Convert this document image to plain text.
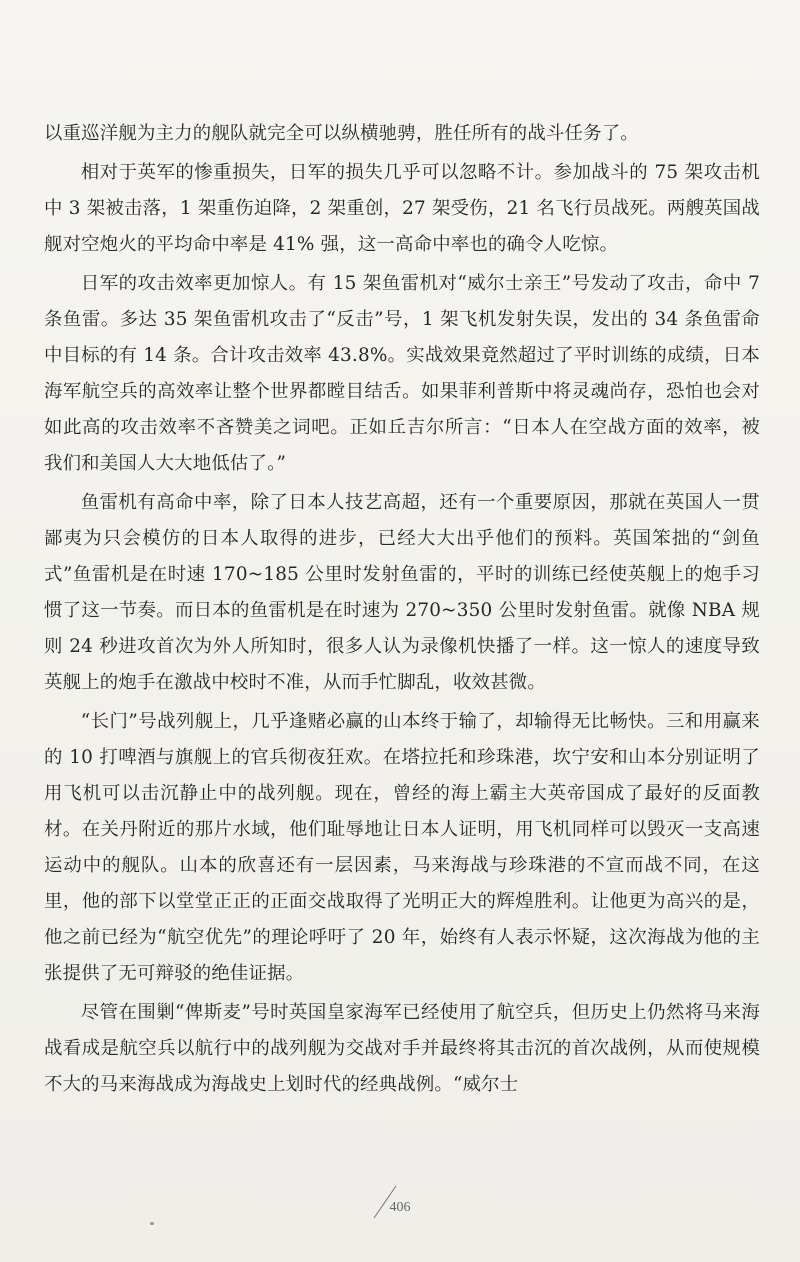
以重巡洋舰为主力的舰队就完全可以纵横驰骋，胜任所有的战斗任务了。

相对于英军的惨重损失，日军的损失几乎可以忽略不计。参加战斗的 75 架攻击机中 3 架被击落，1 架重伤迫降，2 架重创，27 架受伤，21 名飞行员战死。两艘英国战舰对空炮火的平均命中率是 41% 强，这一高命中率也的确令人吃惊。

日军的攻击效率更加惊人。有 15 架鱼雷机对“威尔士亲王”号发动了攻击，命中 7 条鱼雷。多达 35 架鱼雷机攻击了“反击”号，1 架飞机发射失误，发出的 34 条鱼雷命中目标的有 14 条。合计攻击效率 43.8%。实战效果竟然超过了平时训练的成绩，日本海军航空兵的高效率让整个世界都瞠目结舌。如果菲利普斯中将灵魂尚存，恐怕也会对如此高的攻击效率不吝赞美之词吧。正如丘吉尔所言：“日本人在空战方面的效率，被我们和美国人大大地低估了。”

鱼雷机有高命中率，除了日本人技艺高超，还有一个重要原因，那就在英国人一贯鄙夷为只会模仿的日本人取得的进步，已经大大出乎他们的预料。英国笨拙的“剑鱼式”鱼雷机是在时速 170~185 公里时发射鱼雷的，平时的训练已经使英舰上的炮手习惯了这一节奏。而日本的鱼雷机是在时速为 270~350 公里时发射鱼雷。就像 NBA 规则 24 秒进攻首次为外人所知时，很多人认为录像机快播了一样。这一惊人的速度导致英舰上的炮手在激战中校时不准，从而手忙脚乱，收效甚微。

“长门”号战列舰上，几乎逢赌必赢的山本终于输了，却输得无比畅快。三和用赢来的 10 打啤酒与旗舰上的官兵彻夜狂欢。在塔拉托和珍珠港，坎宁安和山本分别证明了用飞机可以击沉静止中的战列舰。现在，曾经的海上霸主大英帝国成了最好的反面教材。在关丹附近的那片水域，他们耻辱地让日本人证明，用飞机同样可以毁灭一支高速运动中的舰队。山本的欣喜还有一层因素，马来海战与珍珠港的不宣而战不同，在这里，他的部下以堂堂正正的正面交战取得了光明正大的辉煌胜利。让他更为高兴的是，他之前已经为“航空优先”的理论呼吁了 20 年，始终有人表示怀疑，这次海战为他的主张提供了无可辩驳的绝佳证据。

尽管在围剿“俾斯麦”号时英国皇家海军已经使用了航空兵，但历史上仍然将马来海战看成是航空兵以航行中的战列舰为交战对手并最终将其击沉的首次战例，从而使规模不大的马来海战成为海战史上划时代的经典战例。“威尔士

406
